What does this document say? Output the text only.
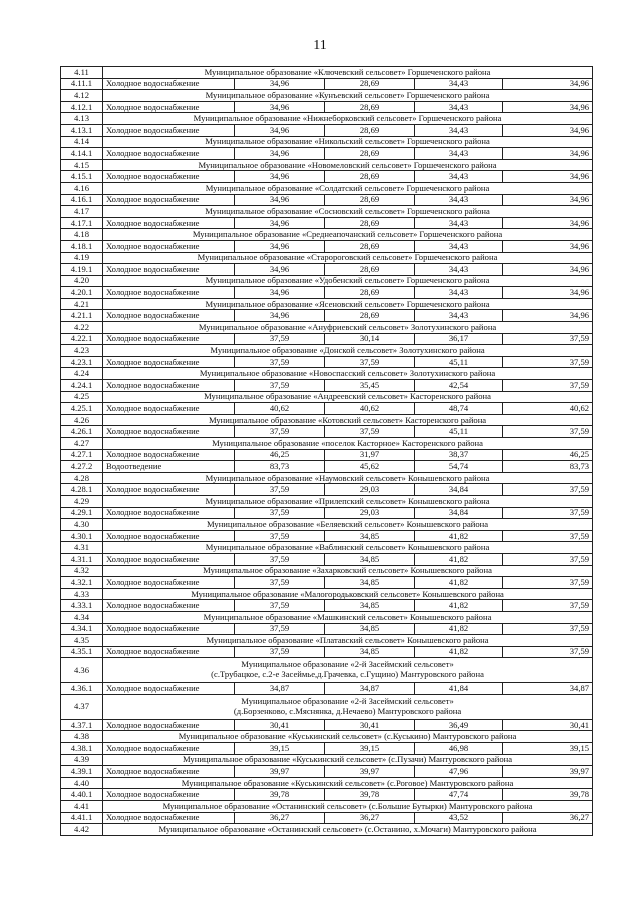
11
4.11	Муниципальное образование «Ключевский сельсовет» Горшеченского района				
4.11.1	Холодное водоснабжение	34,96	28,69	34,43	34,96
4.12	Муниципальное образование «Кунъевский сельсовет» Горшеченского района				
4.12.1	Холодное водоснабжение	34,96	28,69	34,43	34,96
4.13	Муниципальное образование «Нижнеборковский сельсовет» Горшеченского района				
4.13.1	Холодное водоснабжение	34,96	28,69	34,43	34,96
4.14	Муниципальное образование «Никольский сельсовет» Горшеченского района				
4.14.1	Холодное водоснабжение	34,96	28,69	34,43	34,96
4.15	Муниципальное образование «Новомеловский сельсовет» Горшеченского района				
4.15.1	Холодное водоснабжение	34,96	28,69	34,43	34,96
4.16	Муниципальное образование «Солдатский сельсовет» Горшеченского района				
4.16.1	Холодное водоснабжение	34,96	28,69	34,43	34,96
4.17	Муниципальное образование «Сосновский сельсовет» Горшеченского района				
4.17.1	Холодное водоснабжение	34,96	28,69	34,43	34,96
4.18	Муниципальное образование «Среднеапочанский сельсовет» Горшеченского района				
4.18.1	Холодное водоснабжение	34,96	28,69	34,43	34,96
4.19	Муниципальное образование «Старороговский сельсовет» Горшеченского района				
4.19.1	Холодное водоснабжение	34,96	28,69	34,43	34,96
4.20	Муниципальное образование «Удобенский сельсовет» Горшеченского района				
4.20.1	Холодное водоснабжение	34,96	28,69	34,43	34,96
4.21	Муниципальное образование «Ясеновский сельсовет» Горшеченского района				
4.21.1	Холодное водоснабжение	34,96	28,69	34,43	34,96
4.22	Муниципальное образование «Ануфриевский сельсовет» Золотухинского района				
4.22.1	Холодное водоснабжение	37,59	30,14	36,17	37,59
4.23	Муниципальное образование «Донской сельсовет» Золотухинского района				
4.23.1	Холодное водоснабжение	37,59	37,59	45,11	37,59
4.24	Муниципальное образование «Новоспасский сельсовет» Золотухинского района				
4.24.1	Холодное водоснабжение	37,59	35,45	42,54	37,59
4.25	Муниципальное образование «Андреевский сельсовет» Касторенского района				
4.25.1	Холодное водоснабжение	40,62	40,62	48,74	40,62
4.26	Муниципальное образование «Котовский сельсовет» Касторенского района				
4.26.1	Холодное водоснабжение	37,59	37,59	45,11	37,59
4.27	Муниципальное образование «поселок Касторное» Касторенского района				
4.27.1	Холодное водоснабжение	46,25	31,97	38,37	46,25
4.27.2	Водоотведение	83,73	45,62	54,74	83,73
4.28	Муниципальное образование «Наумовский сельсовет» Конышевского района				
4.28.1	Холодное водоснабжение	37,59	29,03	34,84	37,59
4.29	Муниципальное образование «Прилепский сельсовет» Конышевского района				
4.29.1	Холодное водоснабжение	37,59	29,03	34,84	37,59
4.30	Муниципальное образование «Беляевский сельсовет» Конышевского района				
4.30.1	Холодное водоснабжение	37,59	34,85	41,82	37,59
4.31	Муниципальное образование «Ваблинский сельсовет» Конышевского района				
4.31.1	Холодное водоснабжение	37,59	34,85	41,82	37,59
4.32	Муниципальное образование «Захарковский сельсовет» Конышевского района				
4.32.1	Холодное водоснабжение	37,59	34,85	41,82	37,59
4.33	Муниципальное образование «Малогородьковский сельсовет» Конышевского района				
4.33.1	Холодное водоснабжение	37,59	34,85	41,82	37,59
4.34	Муниципальное образование «Машкинский сельсовет» Конышевского района				
4.34.1	Холодное водоснабжение	37,59	34,85	41,82	37,59
4.35	Муниципальное образование «Платавский сельсовет» Конышевского района				
4.35.1	Холодное водоснабжение	37,59	34,85	41,82	37,59
4.36	Муниципальное образование «2-й Засеймский сельсовет»
(с.Трубацкое, с.2-е Засеймье,д.Грачевка, с.Гущино) Мантуровского района				

4.36.1	Холодное водоснабжение	34,87	34,87	41,84	34,87
4.37	Муниципальное образование «2-й Засеймский сельсовет»
(д.Борзенково, с.Мяснянка, д.Нечаево) Мантуровского района				

4.37.1	Холодное водоснабжение	30,41	30,41	36,49	30,41
4.38	Муниципальное образование «Куськинский сельсовет» (с.Куськино) Мантуровского района				
4.38.1	Холодное водоснабжение	39,15	39,15	46,98	39,15
4.39	Муниципальное образование «Куськинский сельсовет» (с.Пузачи) Мантуровского района				
4.39.1	Холодное водоснабжение	39,97	39,97	47,96	39,97
4.40	Муниципальное образование «Куськинский сельсовет» (с.Роговое) Мантуровского района				
4.40.1	Холодное водоснабжение	39,78	39,78	47,74	39,78
4.41	Муниципальное образование «Останинский сельсовет» (с.Большие Бутырки) Мантуровского района				
4.41.1	Холодное водоснабжение	36,27	36,27	43,52	36,27
4.42	Муниципальное образование «Останинский сельсовет» (с.Останино, х.Мочаги) Мантуровского района				
